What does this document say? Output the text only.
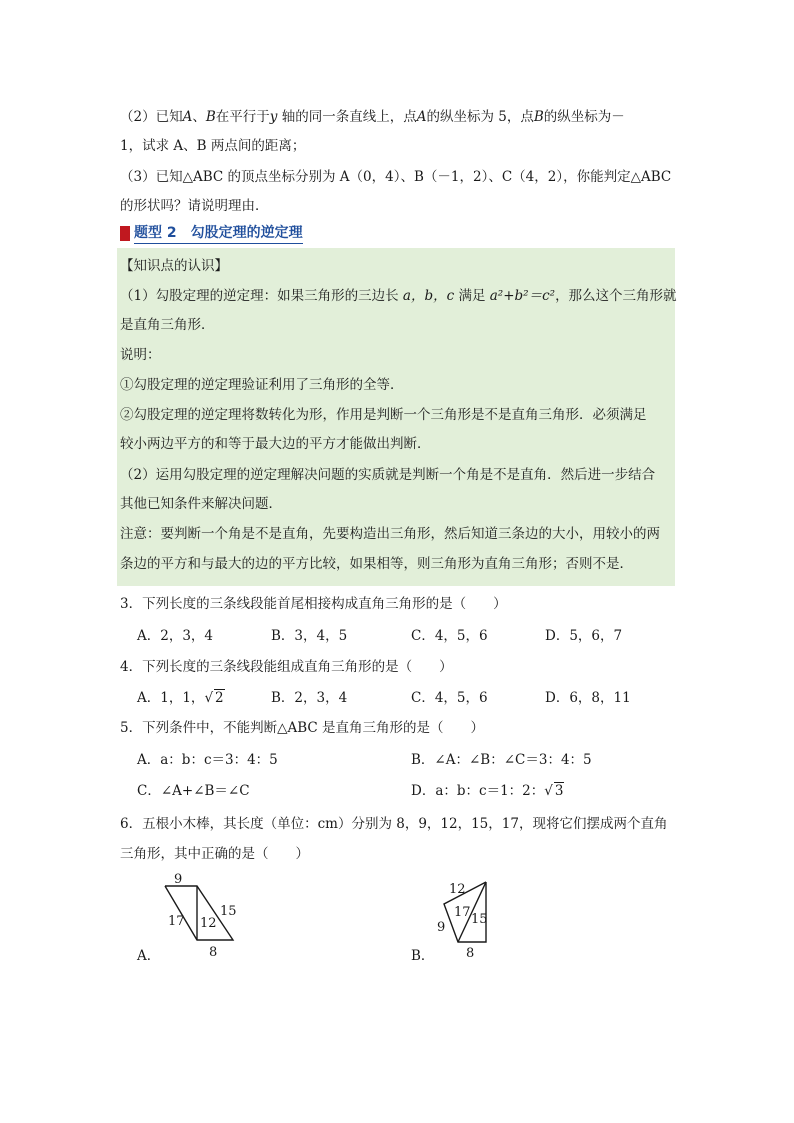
（2）已知A、B在平行于y 轴的同一条直线上，点A的纵坐标为 5，点B的纵坐标为－
1，试求 A、B 两点间的距离；
（3）已知△ABC 的顶点坐标分别为 A（0，4）、B（－1，2）、C（4，2），你能判定△ABC
的形状吗？请说明理由．
题型 2　勾股定理的逆定理
【知识点的认识】
（1）勾股定理的逆定理：如果三角形的三边长 a，b，c 满足 a²+b²＝c²，那么这个三角形就
是直角三角形．
说明：
①勾股定理的逆定理验证利用了三角形的全等．
②勾股定理的逆定理将数转化为形，作用是判断一个三角形是不是直角三角形．必须满足
较小两边平方的和等于最大边的平方才能做出判断．
（2）运用勾股定理的逆定理解决问题的实质就是判断一个角是不是直角．然后进一步结合
其他已知条件来解决问题．
注意：要判断一个角是不是直角，先要构造出三角形，然后知道三条边的大小，用较小的两
条边的平方和与最大的边的平方比较，如果相等，则三角形为直角三角形；否则不是．
3．下列长度的三条线段能首尾相接构成直角三角形的是（　　）
A．2，3，4	B．3，4，5	C．4，5，6	D．5，6，7
4．下列长度的三条线段能组成直角三角形的是（　　）
A．1，1，√ 2	B．2，3，4	C．4，5，6	D．6，8，11
5．下列条件中，不能判断△ABC 是直角三角形的是（　　）
A．a：b：c＝3：4：5	B．∠A：∠B：∠C＝3：4：5
C．∠A+∠B＝∠C	D．a：b：c＝1：2：√ 3
6．五根小木棒，其长度（单位：cm）分别为 8，9，12，15，17，现将它们摆成两个直角
三角形，其中正确的是（　　）
9
17 12
15
8
A．
12
17 15
9
8
B．
